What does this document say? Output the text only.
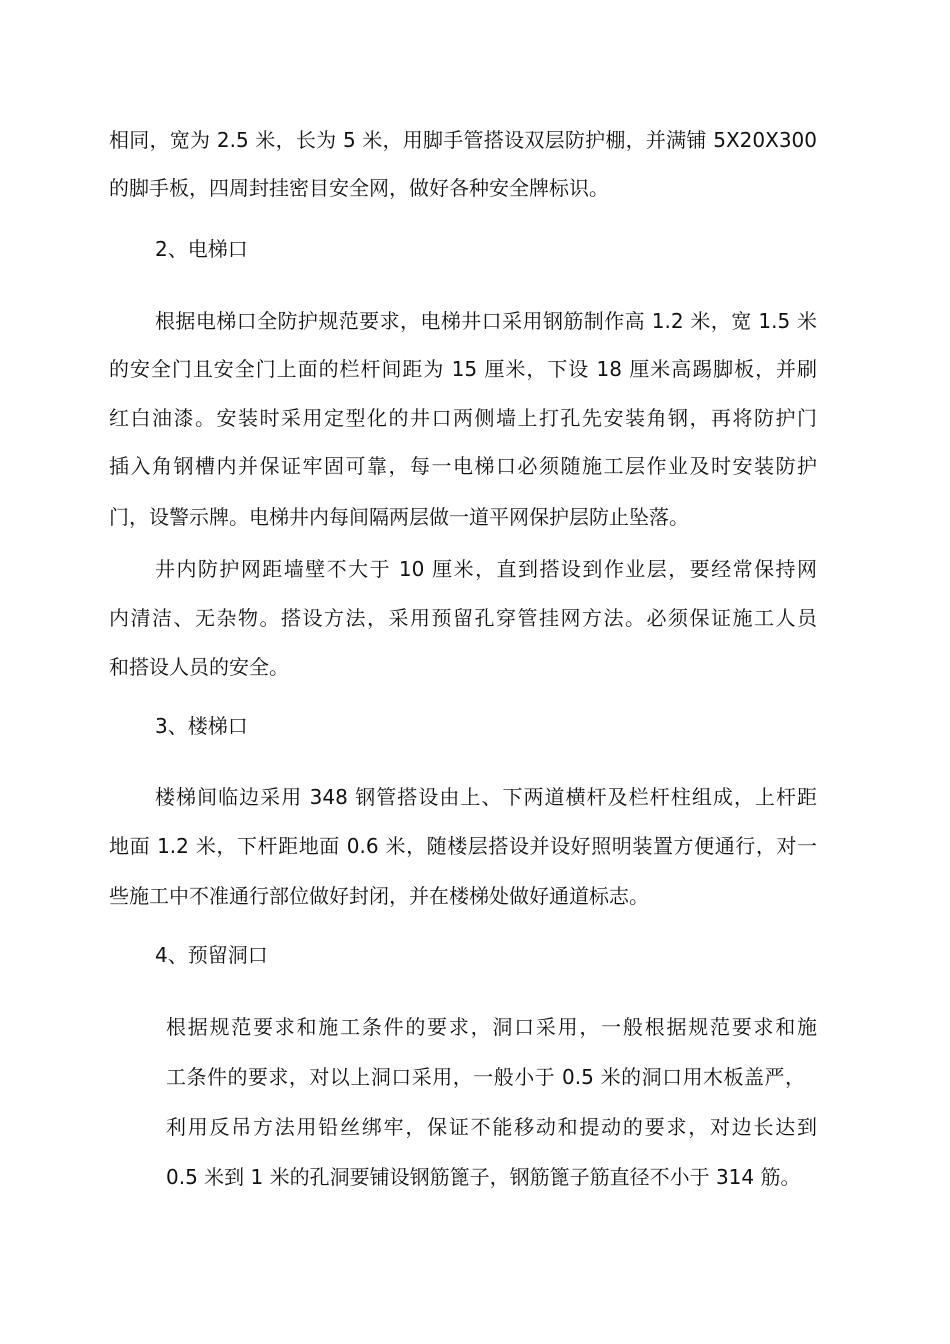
相同，宽为 2.5 米，长为 5 米，用脚手管搭设双层防护棚，并满铺 5X20X300
的脚手板，四周封挂密目安全网，做好各种安全牌标识。
2、电梯口
根据电梯口全防护规范要求，电梯井口采用钢筋制作高 1.2 米，宽 1.5 米
的安全门且安全门上面的栏杆间距为 15 厘米，下设 18 厘米高踢脚板，并刷
红白油漆。安装时采用定型化的井口两侧墙上打孔先安装角钢，再将防护门
插入角钢槽内并保证牢固可靠，每一电梯口必须随施工层作业及时安装防护
门，设警示牌。电梯井内每间隔两层做一道平网保护层防止坠落。
井内防护网距墙壁不大于 10 厘米，直到搭设到作业层，要经常保持网
内清洁、无杂物。搭设方法，采用预留孔穿管挂网方法。必须保证施工人员
和搭设人员的安全。
3、楼梯口
楼梯间临边采用 348 钢管搭设由上、下两道横杆及栏杆柱组成，上杆距
地面 1.2 米，下杆距地面 0.6 米，随楼层搭设并设好照明装置方便通行，对一
些施工中不准通行部位做好封闭，并在楼梯处做好通道标志。
4、预留洞口
根据规范要求和施工条件的要求，洞口采用，一般根据规范要求和施
工条件的要求，对以上洞口采用，一般小于 0.5 米的洞口用木板盖严，
利用反吊方法用铅丝绑牢，保证不能移动和提动的要求，对边长达到
0.5 米到 1 米的孔洞要铺设钢筋篦子，钢筋篦子筋直径不小于 314 筋。
